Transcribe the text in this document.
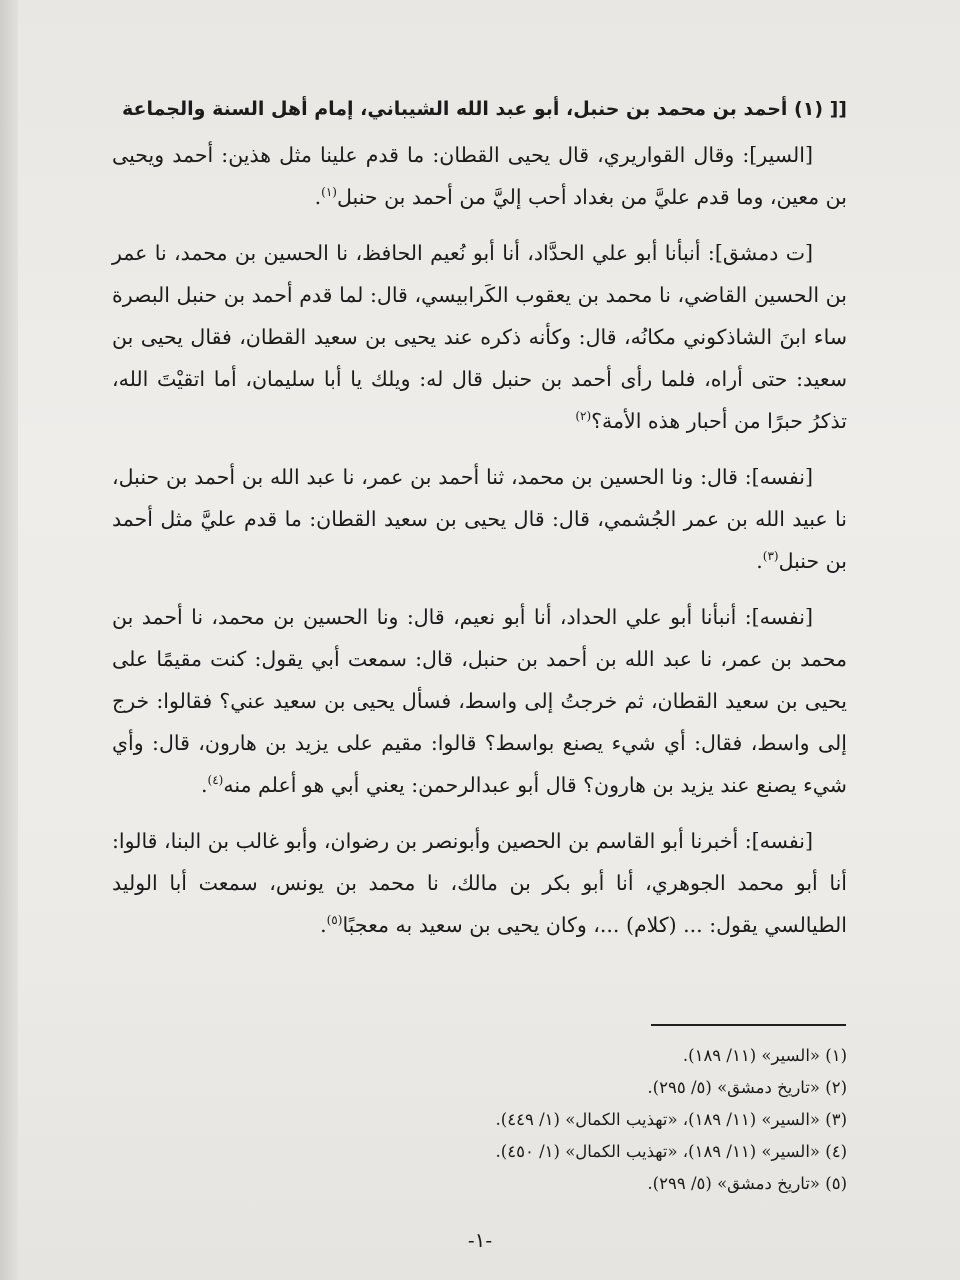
[[ (١) أحمد بن محمد بن حنبل، أبو عبد الله الشيباني، إمام أهل السنة والجماعة

[السير]: وقال القواريري، قال يحيى القطان: ما قدم علينا مثل هذين: أحمد ويحيى بن معين، وما قدم عليَّ من بغداد أحب إليَّ من أحمد بن حنبل$^{(١)}$.

[ت دمشق]: أنبأنا أبو علي الحدَّاد، أنا أبو نُعيم الحافظ، نا الحسين بن محمد، نا عمر بن الحسين القاضي، نا محمد بن يعقوب الكَرابيسي، قال: لما قدم أحمد بن حنبل البصرة ساء ابنَ الشاذكوني مكانُه، قال: وكأنه ذكره عند يحيى بن سعيد القطان، فقال يحيى بن سعيد: حتى أراه، فلما رأى أحمد بن حنبل قال له: ويلك يا أبا سليمان، أما اتقيْتَ الله، تذكرُ حبرًا من أحبار هذه الأمة؟$^{(٢)}$

[نفسه]: قال: ونا الحسين بن محمد، ثنا أحمد بن عمر، نا عبد الله بن أحمد بن حنبل، نا عبيد الله بن عمر الجُشمي، قال: قال يحيى بن سعيد القطان: ما قدم عليَّ مثل أحمد بن حنبل$^{(٣)}$.

[نفسه]: أنبأنا أبو علي الحداد، أنا أبو نعيم، قال: ونا الحسين بن محمد، نا أحمد بن محمد بن عمر، نا عبد الله بن أحمد بن حنبل، قال: سمعت أبي يقول: كنت مقيمًا على يحيى بن سعيد القطان، ثم خرجتُ إلى واسط، فسأل يحيى بن سعيد عني؟ فقالوا: خرج إلى واسط، فقال: أي شيء يصنع بواسط؟ قالوا: مقيم على يزيد بن هارون، قال: وأي شيء يصنع عند يزيد بن هارون؟ قال أبو عبدالرحمن: يعني أبي هو أعلم منه$^{(٤)}$.

[نفسه]: أخبرنا أبو القاسم بن الحصين وأبونصر بن رضوان، وأبو غالب بن البنا، قالوا: أنا أبو محمد الجوهري، أنا أبو بكر بن مالك، نا محمد بن يونس، سمعت أبا الوليد الطيالسي يقول: ... (كلام) ...، وكان يحيى بن سعيد به معجبًا$^{(٥)}$.

(١) «السير» (١١/ ١٨٩).
(٢) «تاريخ دمشق» (٥/ ٢٩٥).
(٣) «السير» (١١/ ١٨٩)، «تهذيب الكمال» (١/ ٤٤٩).
(٤) «السير» (١١/ ١٨٩)، «تهذيب الكمال» (١/ ٤٥٠).
(٥) «تاريخ دمشق» (٥/ ٢٩٩).
-١-
